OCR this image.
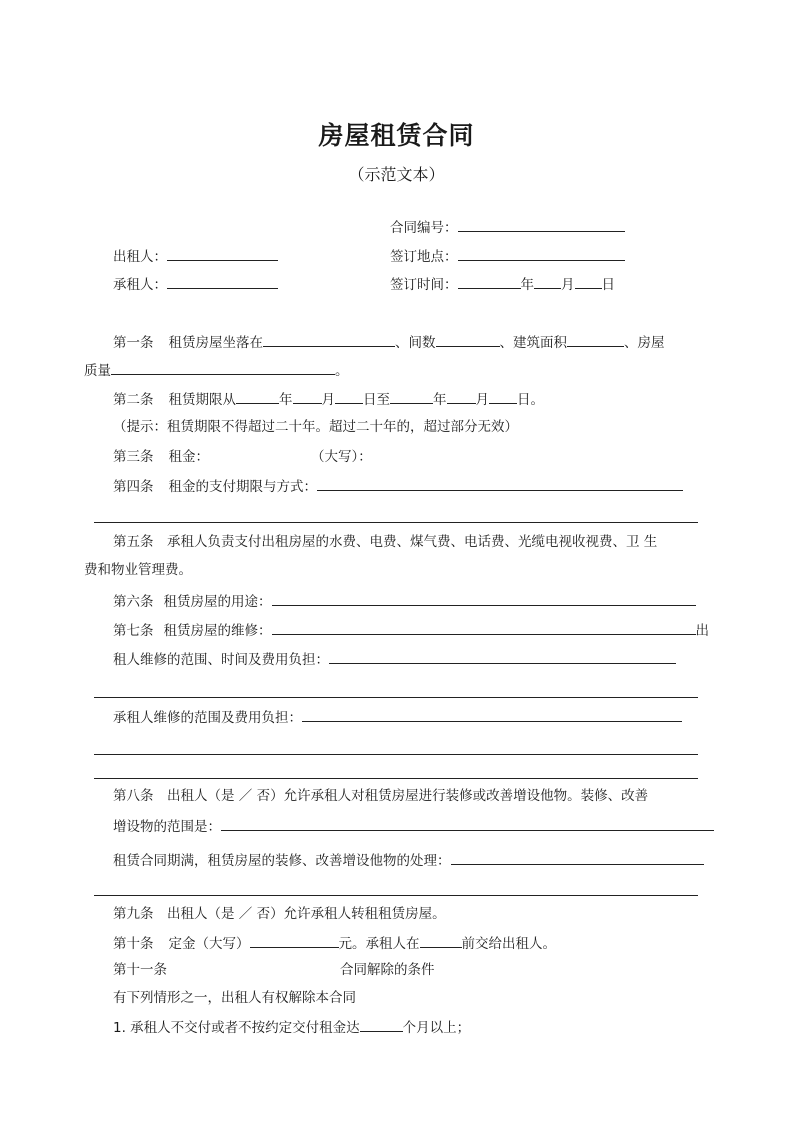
房屋租赁合同
（示范文本）
合同编号：
出租人：	签订地点：
承租人：	签订时间：	年 月 日
第一条 租赁房屋坐落在	、间数	、建筑面积	、房屋
质量	。
第二条 租赁期限从	年 月 日至	年 月 日。
（提示：租赁期限不得超过二十年。超过二十年的，超过部分无效）
第三条 租金：	（大写）：
第四条 租金的支付期限与方式：
第五条　承租人负责支付出租房屋的水费、电费、煤气费、电话费、光缆电视收视费、卫 生
费和物业管理费。
第六条 租赁房屋的用途：
第七条 租赁房屋的维修：	出
租人维修的范围、时间及费用负担：
承租人维修的范围及费用负担：
第八条　出租人（是 ／ 否）允许承租人对租赁房屋进行装修或改善增设他物。装修、改善
增设物的范围是：
租赁合同期满，租赁房屋的装修、改善增设他物的处理：
第九条　出租人（是 ／ 否）允许承租人转租租赁房屋。
第十条 定金（大写）	元。承租人在	前交给出租人。
第十一条	合同解除的条件
有下列情形之一，出租人有权解除本合同
1. 承租人不交付或者不按约定交付租金达	个月以上；
